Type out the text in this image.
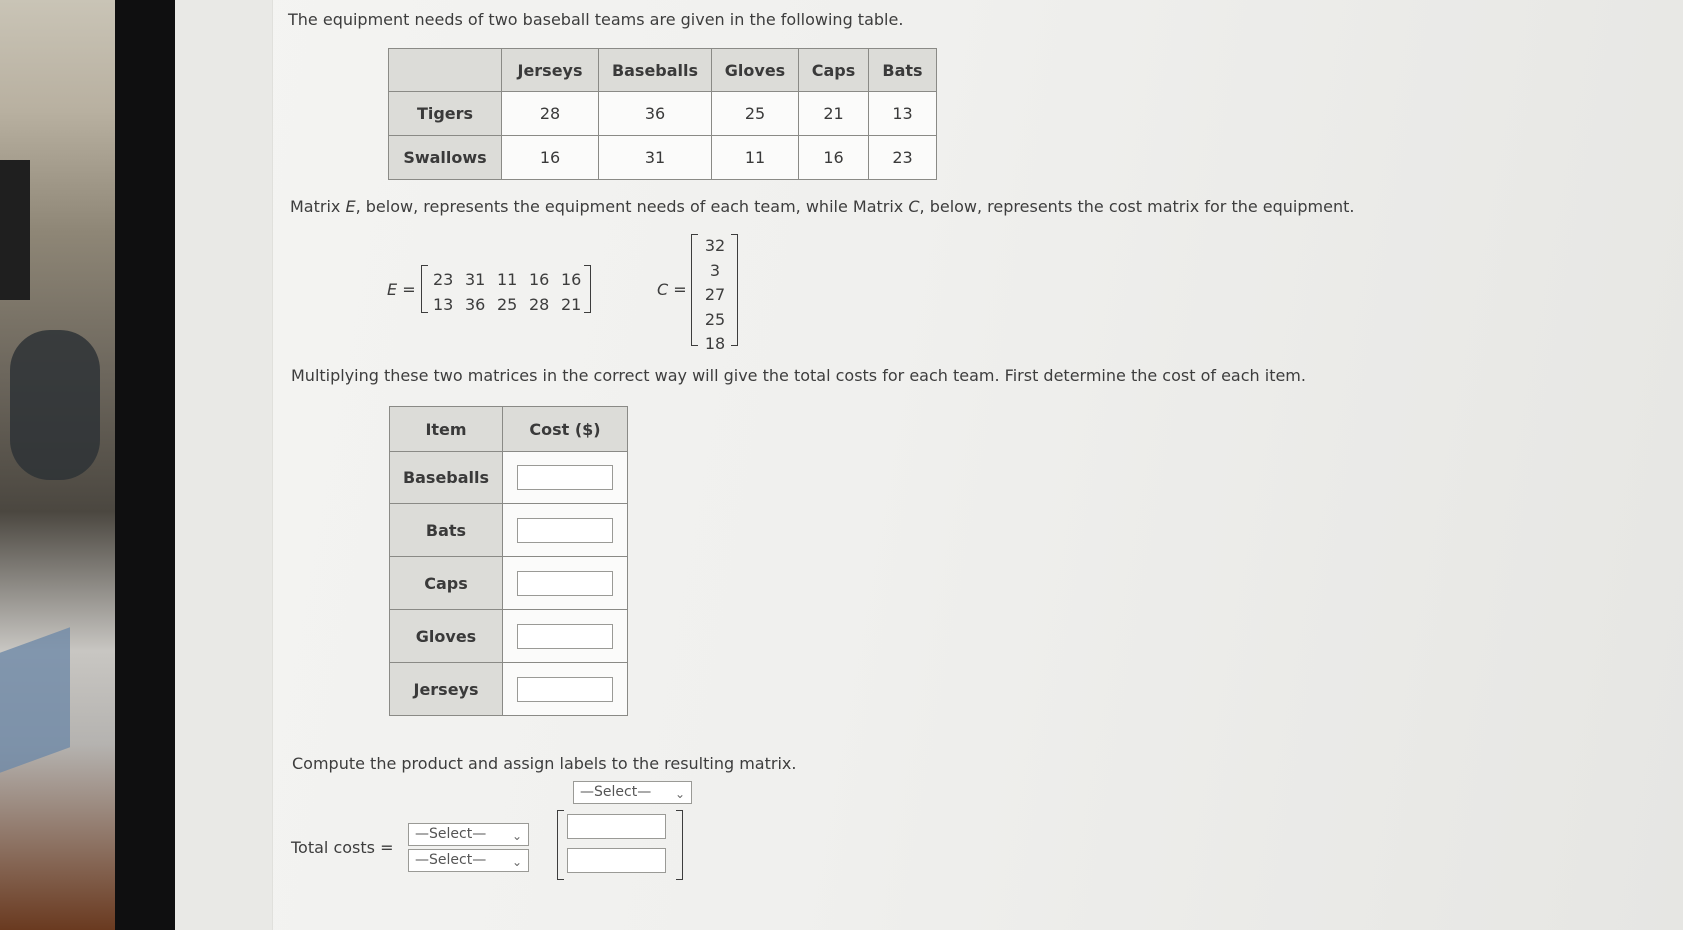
The equipment needs of two baseball teams are given in the following table.
	Jerseys	Baseballs	Gloves	Caps	Bats
Tigers	28	36	25	21	13
Swallows	16	31	11	16	23
Matrix E, below, represents the equipment needs of each team, while Matrix C, below, represents the cost matrix for the equipment.
E =
23 31 11 16 16
13 36 25 28 21
C =
32
3
27
25
18
Multiplying these two matrices in the correct way will give the total costs for each team. First determine the cost of each item.
Item	Cost ($)
Baseballs	
Bats	
Caps	
Gloves	
Jerseys	
Compute the product and assign labels to the resulting matrix.
—Select— ⌄
Total costs =
—Select— ⌄
—Select— ⌄
